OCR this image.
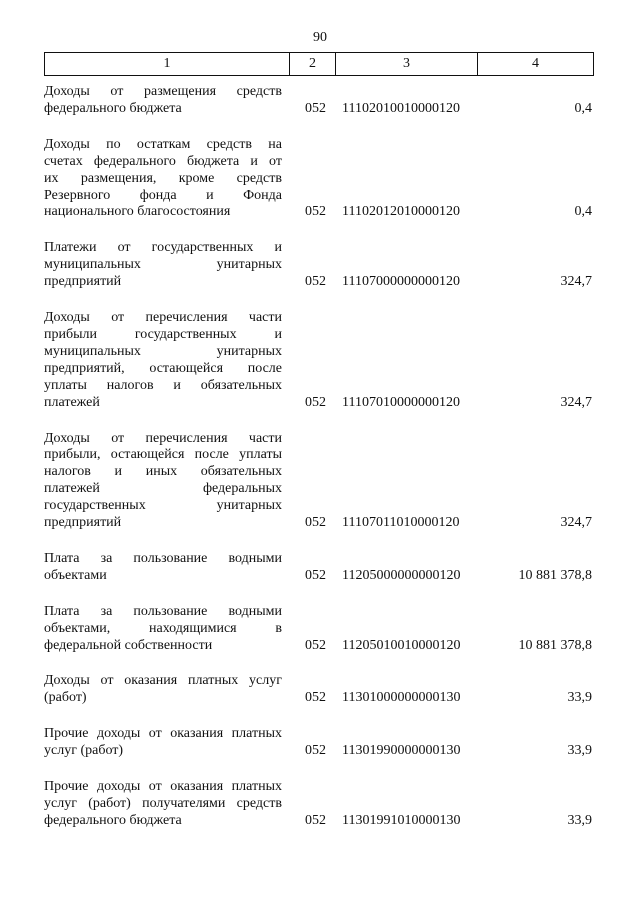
90
1	2	3	4
Доходы от размещения средств
федерального бюджета	052 11102010010000120	0,4
Доходы по остаткам средств на
счетах федерального бюджета и от
их размещения, кроме средств
Резервного фонда и Фонда
национального благосостояния	052 11102012010000120	0,4
Платежи от государственных и
муниципальных унитарных
предприятий	052 11107000000000120	324,7
Доходы от перечисления части
прибыли государственных и
муниципальных унитарных
предприятий, остающейся после
уплаты налогов и обязательных
платежей	052 11107010000000120	324,7
Доходы от перечисления части
прибыли, остающейся после уплаты
налогов и иных обязательных
платежей федеральных
государственных унитарных
предприятий	052 11107011010000120	324,7
Плата за пользование водными
объектами	052 11205000000000120	10 881 378,8
Плата за пользование водными
объектами, находящимися в
федеральной собственности	052 11205010010000120	10 881 378,8
Доходы от оказания платных услуг
(работ)	052 11301000000000130	33,9
Прочие доходы от оказания платных
услуг (работ)	052 11301990000000130	33,9
Прочие доходы от оказания платных
услуг (работ) получателями средств
федерального бюджета	052 11301991010000130	33,9
